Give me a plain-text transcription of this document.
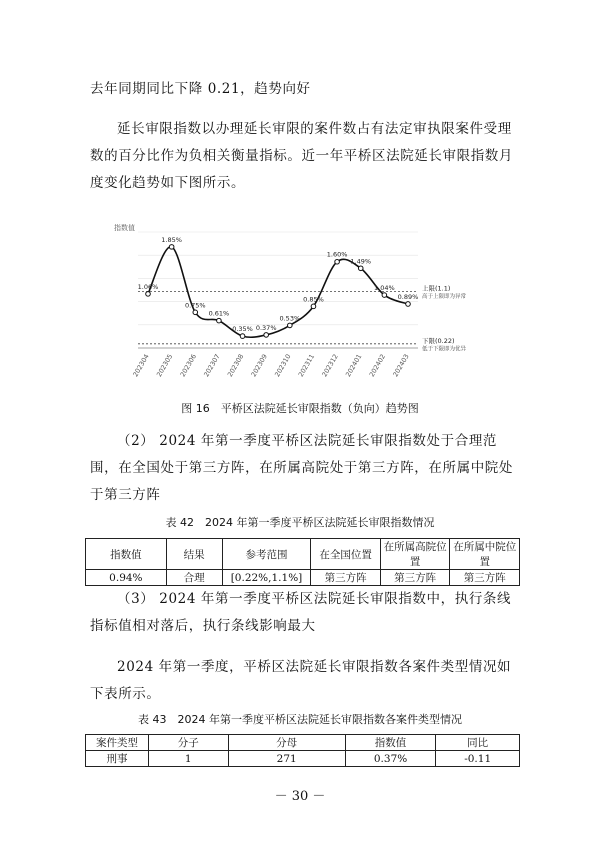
去年同期同比下降 0.21，趋势向好
延长审限指数以办理延长审限的案件数占有法定审执限案件受理数的百分比作为负相关衡量指标。近一年平桥区法院延长审限指数月度变化趋势如下图所示。
指数值
上限(1.1)
高于上限即为异常
下限(0.22)
低于下限即为优异
1.06%
202304
1.85%
202305
0.75%
202306
0.61%
202307
0.35%
202308
0.37%
202309
0.53%
202310
0.85%
202311
1.60%
202312
1.49%
202401
1.04%
202402
0.89%
202403
图 16　平桥区法院延长审限指数（负向）趋势图
（2） 2024 年第一季度平桥区法院延长审限指数处于合理范围，在全国处于第三方阵，在所属高院处于第三方阵，在所属中院处于第三方阵
表 42　2024 年第一季度平桥区法院延长审限指数情况
指数值	结果	参考范围	在全国位置	在所属高院位置	在所属中院位置
0.94%	合理	[0.22%,1.1%]	第三方阵	第三方阵	第三方阵
（3） 2024 年第一季度平桥区法院延长审限指数中，执行条线指标值相对落后，执行条线影响最大
2024 年第一季度，平桥区法院延长审限指数各案件类型情况如下表所示。
表 43　2024 年第一季度平桥区法院延长审限指数各案件类型情况
案件类型	分子	分母	指数值	同比
刑事	1	271	0.37%	-0.11
－ 30 －
